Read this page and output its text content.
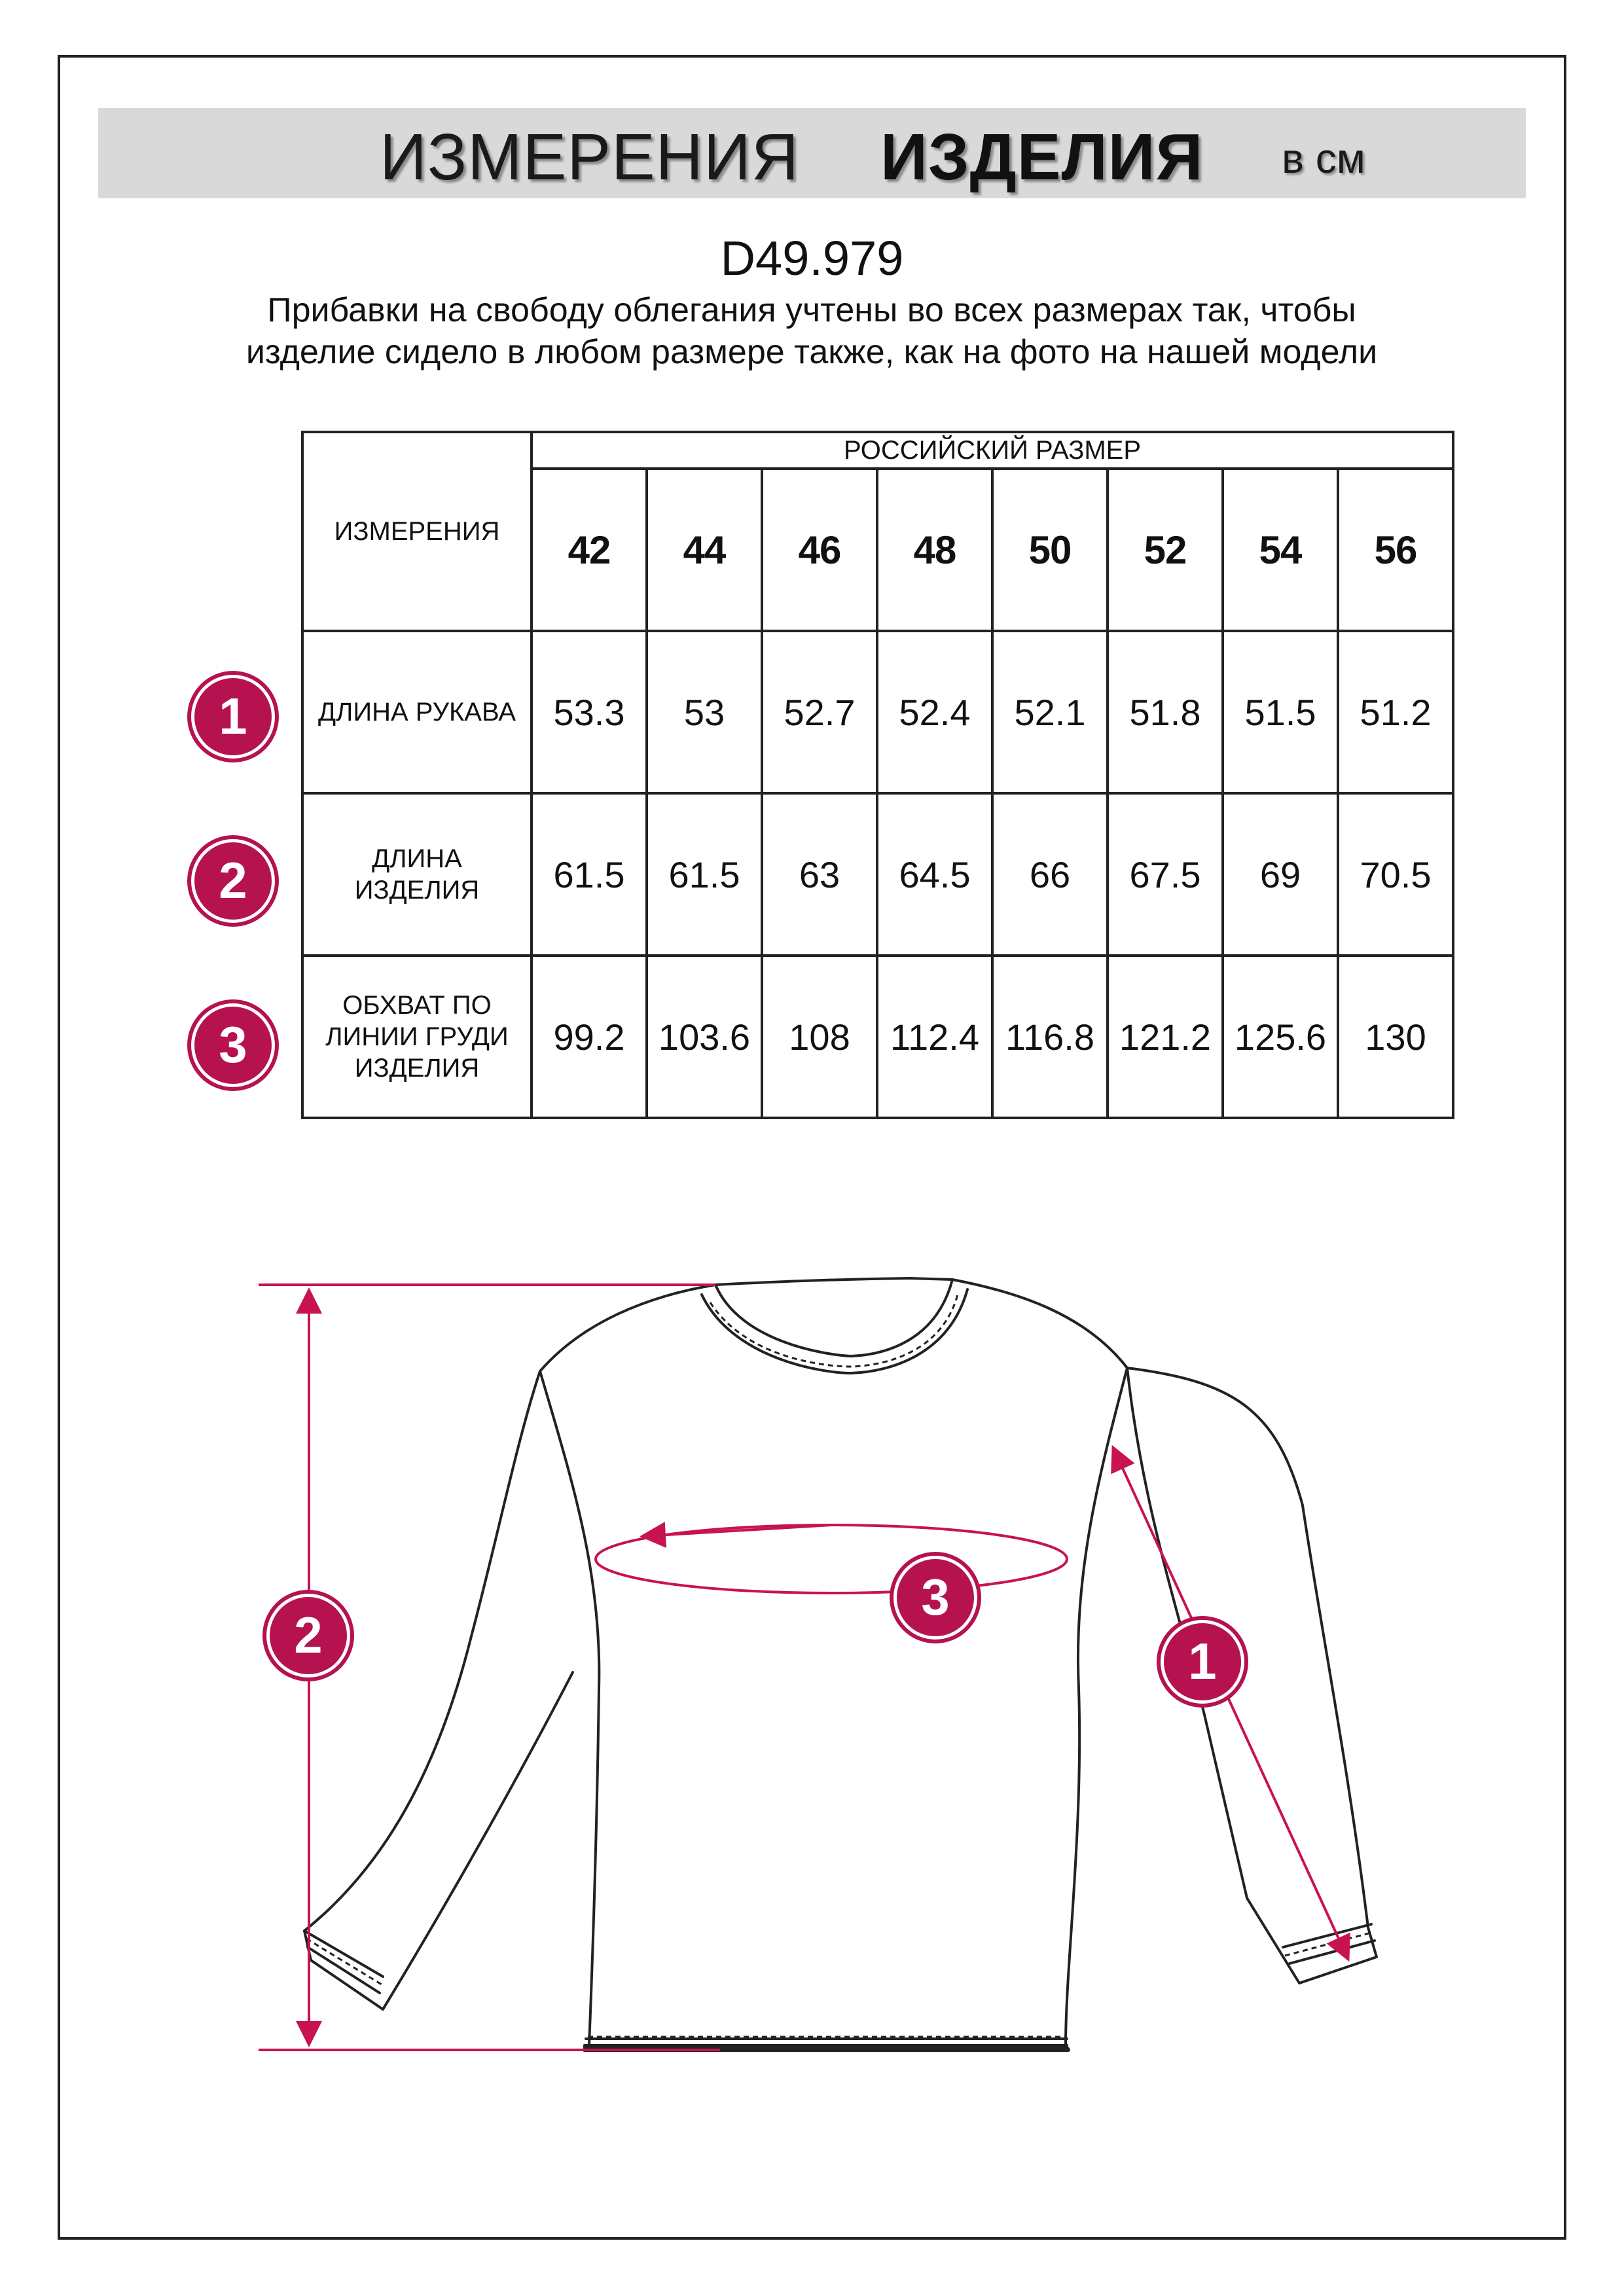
ИЗМЕРЕНИЯ ИЗДЕЛИЯ в см
D49.979
Прибавки на свободу облегания учтены во всех размерах так, чтобы изделие сидело в любом размере также, как на фото на нашей модели
ИЗМЕРЕНИЯ	РОССИЙСКИЙ РАЗМЕР							
	42	44	46	48	50	52	54	56
ДЛИНА РУКАВА	53.3	53	52.7	52.4	52.1	51.8	51.5	51.2

ДЛИНА ИЗДЕЛИЯ	61.5	61.5	63	64.5	66	67.5	69	70.5

ОБХВАТ ПО ЛИНИИ ГРУДИ ИЗДЕЛИЯ	99.2	103.6	108	112.4	116.8	121.2	125.6	130
1
2
3
2
3
1
